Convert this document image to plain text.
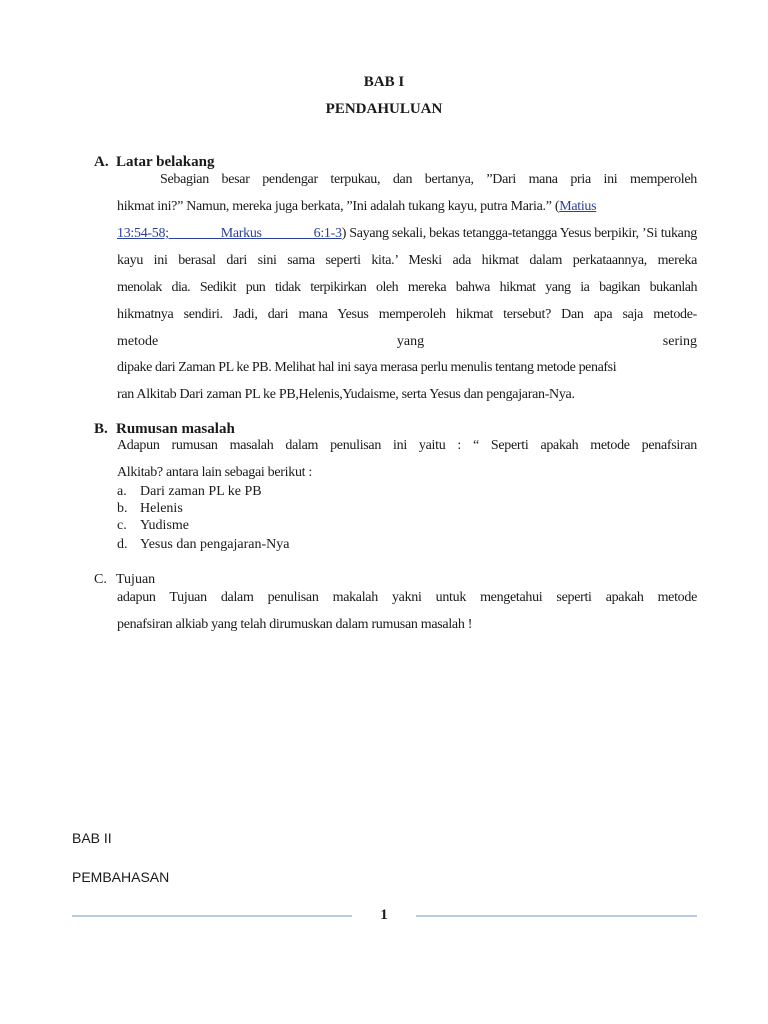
BAB I
PENDAHULUAN
A. Latar belakang
Sebagian besar pendengar terpukau, dan bertanya, ”Dari mana pria ini memperoleh
hikmat ini?” Namun, mereka juga berkata, ”Ini adalah tukang kayu, putra Maria.” (Matius
13:54-58; Markus 6:1-3) Sayang sekali, bekas tetangga-tetangga Yesus berpikir, ’Si tukang
kayu ini berasal dari sini sama seperti kita.’ Meski ada hikmat dalam perkataannya, mereka
menolak dia. Sedikit pun tidak terpikirkan oleh mereka bahwa hikmat yang ia bagikan bukanlah
hikmatnya sendiri. Jadi, dari mana Yesus memperoleh hikmat tersebut? Dan apa saja metode-
metode	yang	sering
dipake dari Zaman PL ke PB. Melihat hal ini saya merasa perlu menulis tentang metode penafsi
ran Alkitab Dari zaman PL ke PB,Helenis,Yudaisme, serta Yesus dan pengajaran-Nya.
B. Rumusan masalah
Adapun rumusan masalah dalam penulisan ini yaitu : “ Seperti apakah metode penafsiran
Alkitab? antara lain sebagai berikut :
a. Dari zaman PL ke PB
b. Helenis
c. Yudisme
d. Yesus dan pengajaran-Nya
C. Tujuan
adapun Tujuan dalam penulisan makalah yakni untuk mengetahui seperti apakah metode
penafsiran alkiab yang telah dirumuskan dalam rumusan masalah !
BAB II
PEMBAHASAN
1
